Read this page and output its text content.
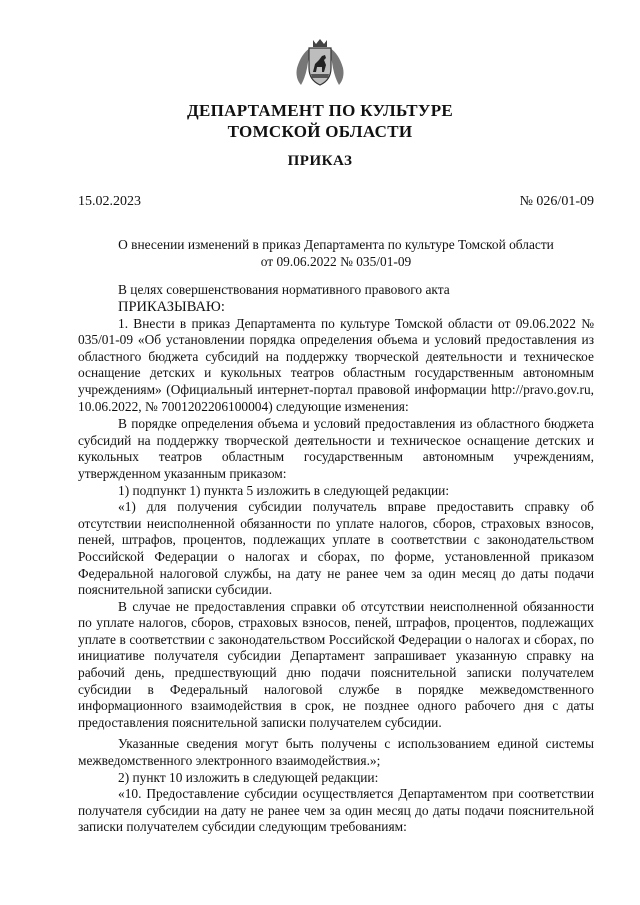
ДЕПАРТАМЕНТ ПО КУЛЬТУРЕ
ТОМСКОЙ ОБЛАСТИ
ПРИКАЗ
15.02.2023	№ 026/01-09
О внесении изменений в приказ Департамента по культуре Томской области
от 09.06.2022 № 035/01-09

В целях совершенствования нормативного правового акта

ПРИКАЗЫВАЮ:

1. Внести в приказ Департамента по культуре Томской области от 09.06.2022 № 035/01-09 «Об установлении порядка определения объема и условий предоставления из областного бюджета субсидий на поддержку творческой деятельности и техническое оснащение детских и кукольных театров областным государственным автономным учреждениям» (Официальный интернет-портал правовой информации http://pravo.gov.ru, 10.06.2022, № 7001202206100004) следующие изменения:

В порядке определения объема и условий предоставления из областного бюджета субсидий на поддержку творческой деятельности и техническое оснащение детских и кукольных театров областным государственным автономным учреждениям, утвержденном указанным приказом:

1) подпункт 1) пункта 5 изложить в следующей редакции:

«1) для получения субсидии получатель вправе предоставить справку об отсутствии неисполненной обязанности по уплате налогов, сборов, страховых взносов, пеней, штрафов, процентов, подлежащих уплате в соответствии с законодательством Российской Федерации о налогах и сборах, по форме, установленной приказом Федеральной налоговой службы, на дату не ранее чем за один месяц до даты подачи пояснительной записки субсидии.

В случае не предоставления справки об отсутствии неисполненной обязанности по уплате налогов, сборов, страховых взносов, пеней, штрафов, процентов, подлежащих уплате в соответствии с законодательством Российской Федерации о налогах и сборах, по инициативе получателя субсидии Департамент запрашивает указанную справку на рабочий день, предшествующий дню подачи пояснительной записки получателем субсидии в Федеральный налоговой службе в порядке межведомственного информационного взаимодействия в срок, не позднее одного рабочего дня с даты предоставления пояснительной записки получателем субсидии.

Указанные сведения могут быть получены с использованием единой системы межведомственного электронного взаимодействия.»;

2) пункт 10 изложить в следующей редакции:

«10. Предоставление субсидии осуществляется Департаментом при соответствии получателя субсидии на дату не ранее чем за один месяц до даты подачи пояснительной записки получателем субсидии следующим требованиям:
